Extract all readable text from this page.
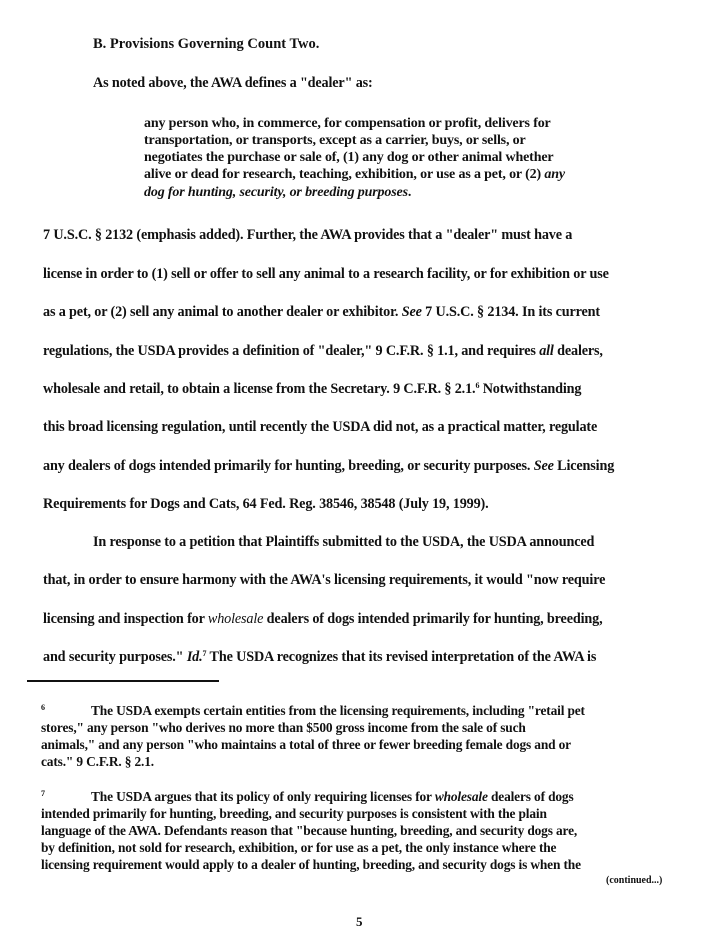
B. Provisions Governing Count Two.
As noted above, the AWA defines a "dealer" as:
any person who, in commerce, for compensation or profit, delivers for
transportation, or transports, except as a carrier, buys, or sells, or
negotiates the purchase or sale of, (1) any dog or other animal whether
alive or dead for research, teaching, exhibition, or use as a pet, or (2) any
dog for hunting, security, or breeding purposes.
7 U.S.C. § 2132 (emphasis added). Further, the AWA provides that a "dealer" must have a
license in order to (1) sell or offer to sell any animal to a research facility, or for exhibition or use
as a pet, or (2) sell any animal to another dealer or exhibitor. See 7 U.S.C. § 2134. In its current
regulations, the USDA provides a definition of "dealer," 9 C.F.R. § 1.1, and requires all dealers,
wholesale and retail, to obtain a license from the Secretary. 9 C.F.R. § 2.1.$^6$ Notwithstanding
this broad licensing regulation, until recently the USDA did not, as a practical matter, regulate
any dealers of dogs intended primarily for hunting, breeding, or security purposes. See Licensing
Requirements for Dogs and Cats, 64 Fed. Reg. 38546, 38548 (July 19, 1999).
In response to a petition that Plaintiffs submitted to the USDA, the USDA announced
that, in order to ensure harmony with the AWA's licensing requirements, it would "now require
licensing and inspection for wholesale dealers of dogs intended primarily for hunting, breeding,
and security purposes." Id.$^7$ The USDA recognizes that its revised interpretation of the AWA is
6	The USDA exempts certain entities from the licensing requirements, including "retail pet
stores," any person "who derives no more than $500 gross income from the sale of such
animals," and any person "who maintains a total of three or fewer breeding female dogs and or
cats." 9 C.F.R. § 2.1.
7	The USDA argues that its policy of only requiring licenses for wholesale dealers of dogs
intended primarily for hunting, breeding, and security purposes is consistent with the plain
language of the AWA. Defendants reason that "because hunting, breeding, and security dogs are,
by definition, not sold for research, exhibition, or for use as a pet, the only instance where the
licensing requirement would apply to a dealer of hunting, breeding, and security dogs is when the
(continued...)
5
